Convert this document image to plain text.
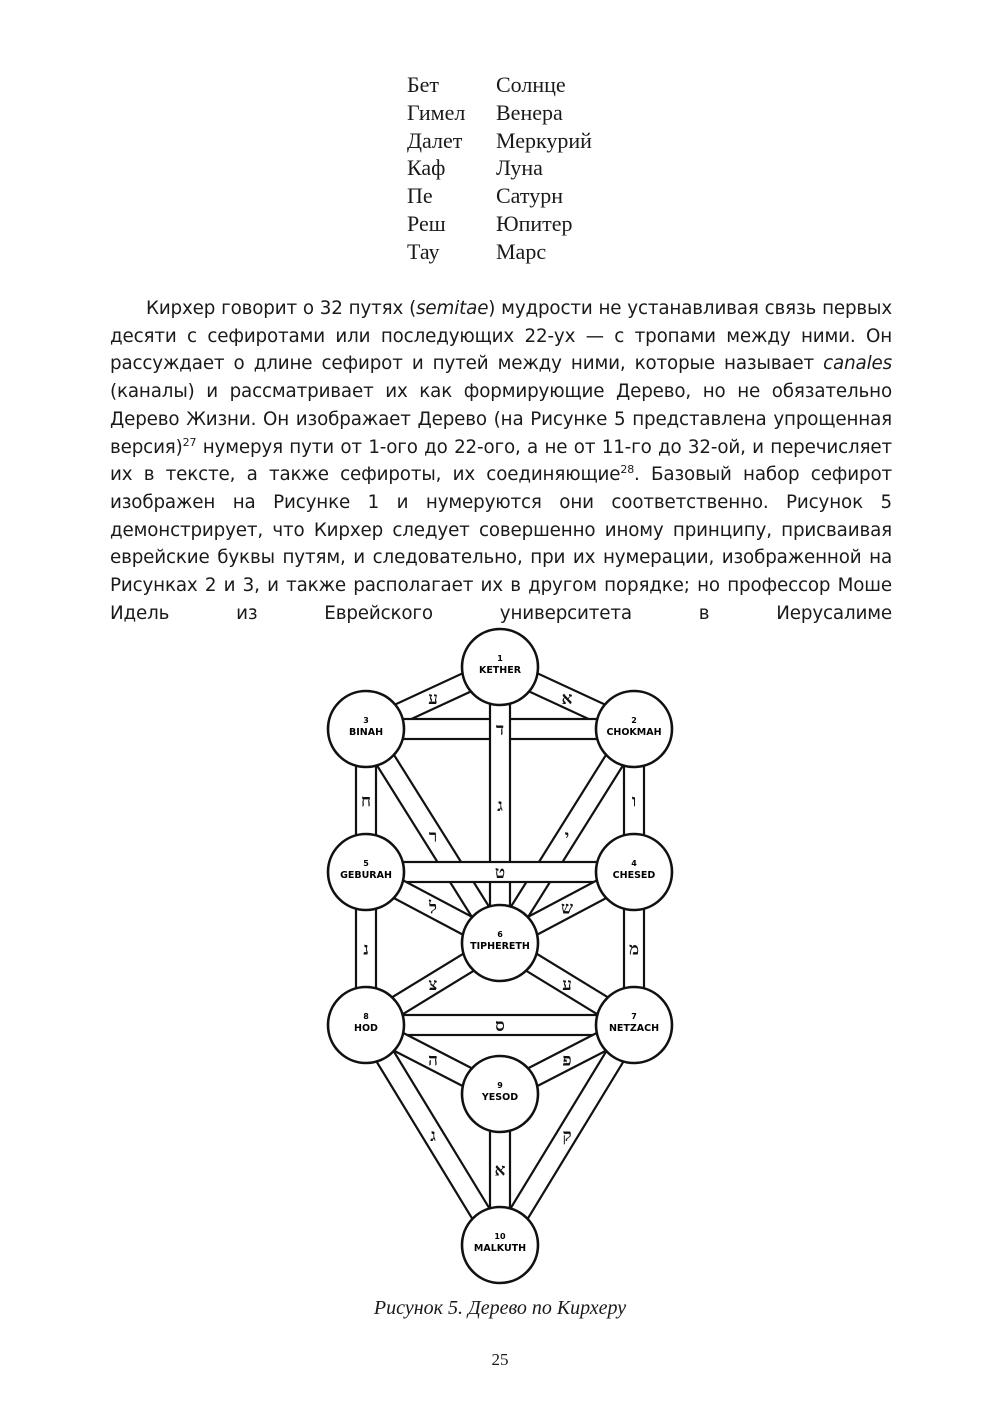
Бет	Солнце
Гимел	Венера
Далет	Меркурий
Каф	Луна
Пе	Сатурн
Реш	Юпитер
Тау	Марс

Кирхер говорит о 32 путях (semitae) мудрости не устанавливая связь первых десяти с сефиротами или последующих 22-ух — с тропами между ними. Он рассуждает о длине сефирот и путей между ними, которые называет canales (каналы) и рассматривает их как формирующие Дерево, но не обязательно Дерево Жизни. Он изображает Дерево (на Рисунке 5 представлена упрощенная версия)$^{27}$ нумеруя пути от 1-ого до 22-ого, а не от 11-го до 32-ой, и перечисляет их в тексте, а также сефироты, их соединяющие$^{28}$. Базовый набор сефирот изображен на Рисунке 1 и нумеруются они соответственно. Рисунок 5 демонстрирует, что Кирхер следует совершенно иному принципу, присваивая еврейские буквы путям, и следовательно, при их нумерации, изображенной на Рисунках 2 и 3, и также располагает их в другом порядке; но профессор Моше Идель из Еврейского университета в Иерусалиме

ע	א
ד
ג
ח
ר	י
ו
ט
ל
נ
ש
מ
צ	ע
ס
ה	פ
ג	ק
א
1
KETHER
2
CHOKMAH
3
BINAH
4
CHESED
5
GEBURAH
6
TIPHERETH
7
NETZACH
8
HOD
9
YESOD
10
MALKUTH
Рисунок 5. Дерево по Кирхеру
25
